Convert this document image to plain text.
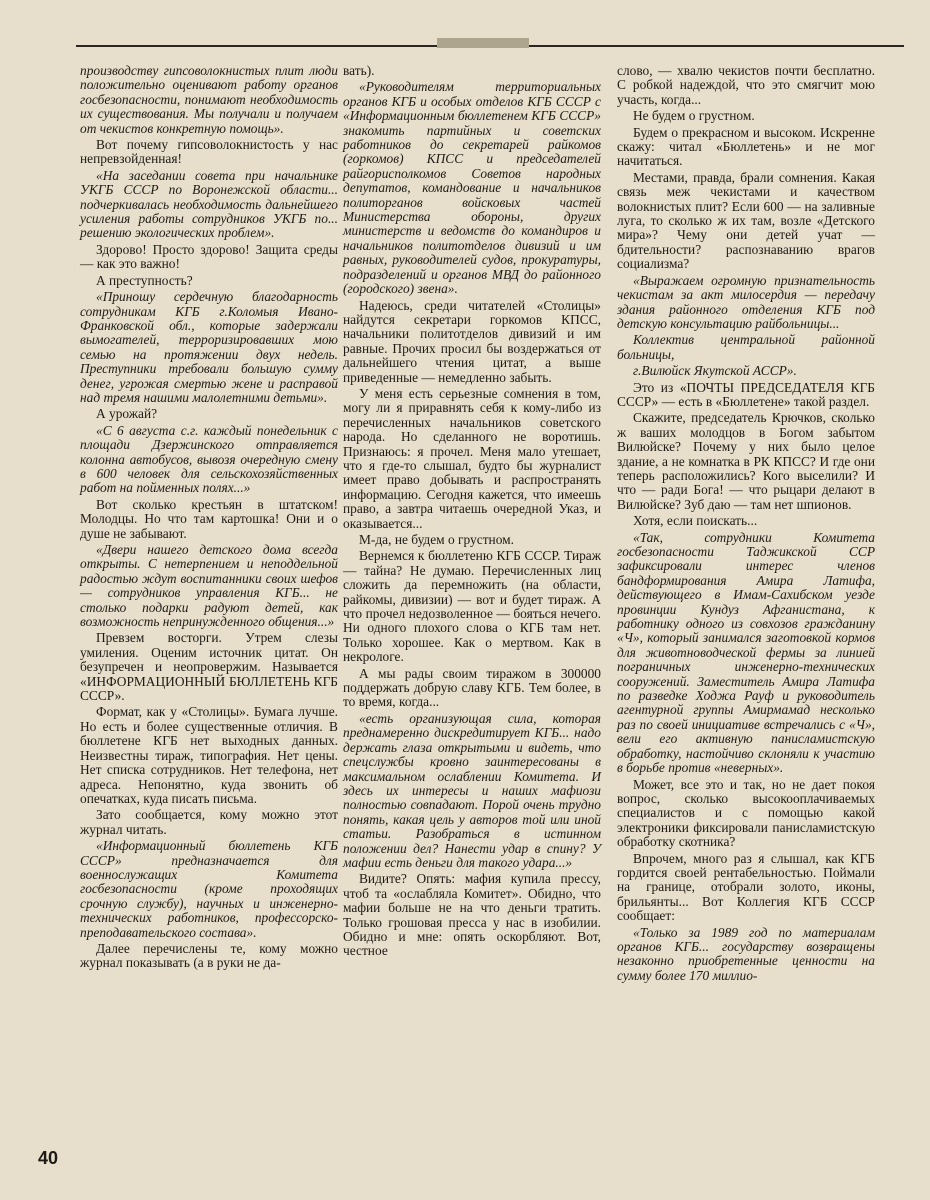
производству гипсоволокнистых плит люди положительно оценивают работу органов госбезопасности, понимают необходимость их существования. Мы получали и получаем от чекистов конкретную помощь».

Вот почему гипсоволокнистость у нас непревзойденная!

«На заседании совета при начальнике УКГБ СССР по Воронежской области... подчеркивалась необходимость дальнейшего усиления работы сотрудников УКГБ по... решению экологических проблем».

Здорово! Просто здорово! Защита среды — как это важно!

А преступность?

«Приношу сердечную благодарность сотрудникам КГБ г.Коломыя Ивано-Франковской обл., которые задержали вымогателей, терроризировавших мою семью на протяжении двух недель. Преступники требовали большую сумму денег, угрожая смертью жене и расправой над тремя нашими малолетними детьми».

А урожай?

«С 6 августа с.г. каждый понедельник с площади Дзержинского отправляется колонна автобусов, вывозя очередную смену в 600 человек для сельскохозяйственных работ на пойменных полях...»

Вот сколько крестьян в штатском! Молодцы. Но что там картошка! Они и о душе не забывают.

«Двери нашего детского дома всегда открыты. С нетерпением и неподдельной радостью ждут воспитанники своих шефов — сотрудников управления КГБ... не столько подарки радуют детей, как возможность непринужденного общения...»

Превзем восторги. Утрем слезы умиления. Оценим источник цитат. Он безупречен и неопровержим. Называется «ИНФОРМАЦИОННЫЙ БЮЛЛЕТЕНЬ КГБ СССР».

Формат, как у «Столицы». Бумага лучше. Но есть и более существенные отличия. В бюллетене КГБ нет выходных данных. Неизвестны тираж, типография. Нет цены. Нет списка сотрудников. Нет телефона, нет адреса. Непонятно, куда звонить об опечатках, куда писать письма.

Зато сообщается, кому можно этот журнал читать.

«Информационный бюллетень КГБ СССР» предназначается для военнослужащих Комитета госбезопасности (кроме проходящих срочную службу), научных и инженерно-технических работников, профессорско-преподавательского состава».

Далее перечислены те, кому можно журнал показывать (а в руки не да-

вать).

«Руководителям территориальных органов КГБ и особых отделов КГБ СССР с «Информационным бюллетенем КГБ СССР» знакомить партийных и советских работников до секретарей райкомов (горкомов) КПСС и председателей райгорисполкомов Советов народных депутатов, командование и начальников политорганов войсковых частей Министерства обороны, других министерств и ведомств до командиров и начальников политотделов дивизий и им равных, руководителей судов, прокуратуры, подразделений и органов МВД до районного (городского) звена».

Надеюсь, среди читателей «Столицы» найдутся секретари горкомов КПСС, начальники политотделов дивизий и им равные. Прочих просил бы воздержаться от дальнейшего чтения цитат, а выше приведенные — немедленно забыть.

У меня есть серьезные сомнения в том, могу ли я приравнять себя к кому-либо из перечисленных начальников советского народа. Но сделанного не воротишь. Признаюсь: я прочел. Меня мало утешает, что я где-то слышал, будто бы журналист имеет право добывать и распространять информацию. Сегодня кажется, что имеешь право, а завтра читаешь очередной Указ, и оказывается...

М-да, не будем о грустном.

Вернемся к бюллетеню КГБ СССР. Тираж — тайна? Не думаю. Перечисленных лиц сложить да перемножить (на области, райкомы, дивизии) — вот и будет тираж. А что прочел недозволенное — бояться нечего. Ни одного плохого слова о КГБ там нет. Только хорошее. Как о мертвом. Как в некрологе.

А мы рады своим тиражом в 300000 поддержать добрую славу КГБ. Тем более, в то время, когда...

«есть организующая сила, которая преднамеренно дискредитирует КГБ... надо держать глаза открытыми и видеть, что спецслужбы кровно заинтересованы в максимальном ослаблении Комитета. И здесь их интересы и нашиx мафиози полностью совпадают. Порой очень трудно понять, какая цель у авторов той или иной статьи. Разобраться в истинном положении дел? Нанести удар в спину? У мафии есть деньги для такого удара...»

Видите? Опять: мафия купила прессу, чтоб та «ослабляла Комитет». Обидно, что мафии больше не на что деньги тратить. Только грошовая пресса у нас в изобилии. Обидно и мне: опять оскорбляют. Вот, честное

слово, — хвалю чекистов почти бесплатно. С робкой надеждой, что это смягчит мою участь, когда...

Не будем о грустном.

Будем о прекрасном и высоком. Искренне скажу: читал «Бюллетень» и не мог начитаться.

Местами, правда, брали сомнения. Какая связь меж чекистами и качеством волокнистых плит? Если 600 — на заливные луга, то сколько ж их там, возле «Детского мира»? Чему они детей учат — бдительности? распознаванию врагов социализма?

«Выражаем огромную признательность чекистам за акт милосердия — передачу здания районного отделения КГБ под детскую консультацию райбольницы...

Коллектив центральной районной больницы,

г.Вилюйск Якутской АССР».

Это из «ПОЧТЫ ПРЕДСЕДАТЕЛЯ КГБ СССР» — есть в «Бюллетене» такой раздел.

Скажите, председатель Крючков, сколько ж ваших молодцов в Богом забытом Вилюйске? Почему у них было целое здание, а не комнатка в РК КПСС? И где они теперь расположились? Кого выселили? И что — ради Бога! — что рыцари делают в Вилюйске? Зуб даю — там нет шпионов.

Хотя, если поискать...

«Так, сотрудники Комитета госбезопасности Таджикской ССР зафиксировали интерес членов бандформирования Амира Латифа, действующего в Имам-Сахибском уезде провинции Кундуз Афганистана, к работнику одного из совхозов гражданину «Ч», который занимался заготовкой кормов для животноводческой фермы за линией пограничных инженерно-технических сооружений. Заместитель Амира Латифа по разведке Ходжа Рауф и руководитель агентурной группы Амирмамад несколько раз по своей инициативе встречались с «Ч», вели его активную панисламистскую обработку, настойчиво склоняли к участию в борьбе против «неверных».

Может, все это и так, но не дает покоя вопрос, сколько высокооплачиваемых специалистов и с помощью какой электроники фиксировали панисламистскую обработку скотника?

Впрочем, много раз я слышал, как КГБ гордится своей рентабельностью. Поймали на границе, отобрали золото, иконы, брильянты... Вот Коллегия КГБ СССР сообщает:

«Только за 1989 год по материалам органов КГБ... государству возвращены незаконно приобретенные ценности на сумму более 170 миллио-

40
